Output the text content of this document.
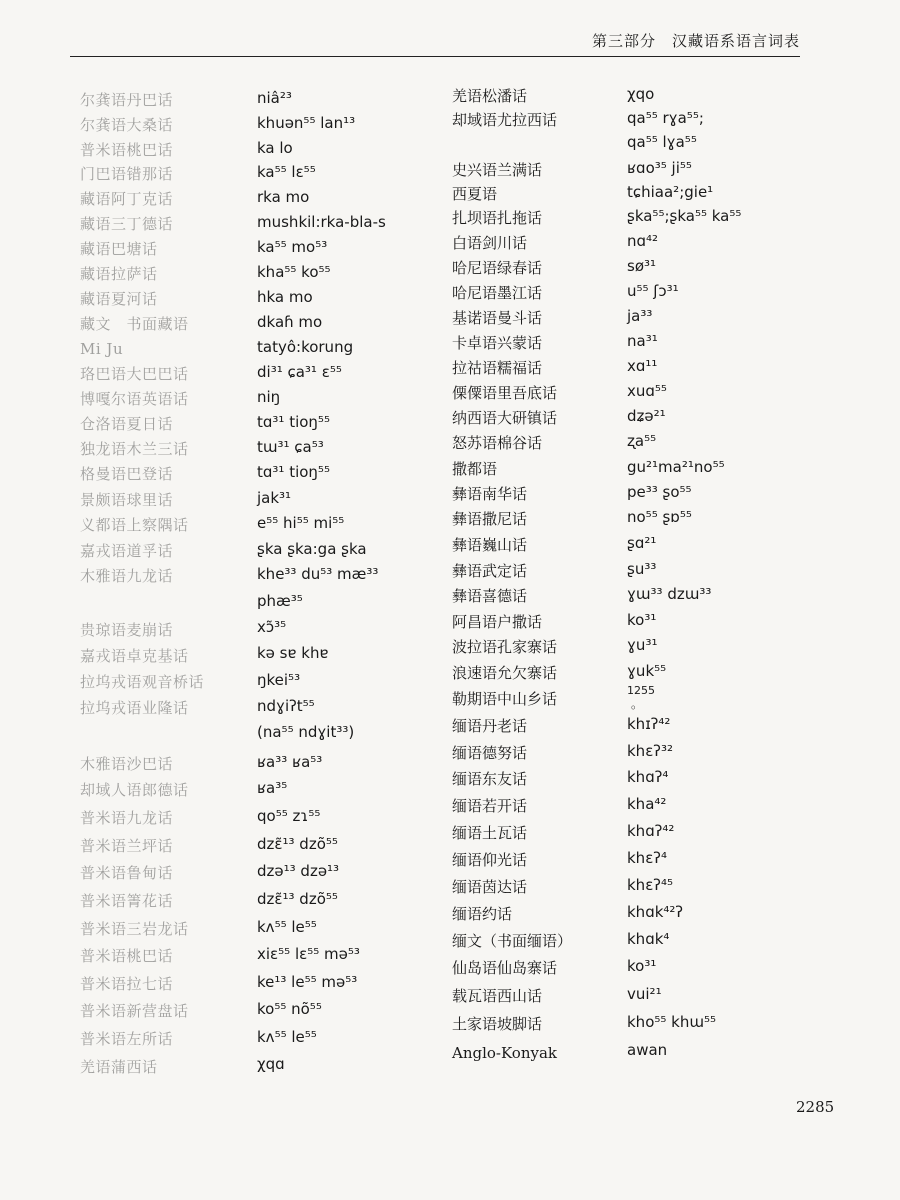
第三部分　汉藏语系语言词表
尔龚语丹巴话
尔龚语大桑话
普米语桃巴话
门巴语错那话
藏语阿丁克话
藏语三丁德话
藏语巴塘话
藏语拉萨话
藏语夏河话
藏文　书面藏语
Mi Ju
珞巴语大巴巴话
博嘎尔语英语话
仓洛语夏日话
独龙语木兰三话
格曼语巴登话
景颇语球里话
义都语上察隅话
嘉戎语道孚话
木雅语九龙话
贵琼语麦崩话
嘉戎语卓克基话
拉坞戎语观音桥话
拉坞戎语业隆话
木雅语沙巴话
却域人语郎德话
普米语九龙话
普米语兰坪话
普米语鲁甸话
普米语箐花话
普米语三岩龙话
普米语桃巴话
普米语拉七话
普米语新营盘话
普米语左所话
羌语蒲西话
niâ²³
khuən⁵⁵ lan¹³
ka lo
ka⁵⁵ lɛ⁵⁵
rka mo
mushkil:rka-bla-s
ka⁵⁵ mo⁵³
kha⁵⁵ ko⁵⁵
hka mo
dkaɦ mo
tatyô:korung
di³¹ ɕa³¹ ɛ⁵⁵
niŋ
tɑ³¹ tioŋ⁵⁵
tɯ³¹ ɕa⁵³
tɑ³¹ tioŋ⁵⁵
jak³¹
e⁵⁵ hi⁵⁵ mi⁵⁵
ʂka ʂka:ga ʂka
khe³³ du⁵³ mæ³³
phæ³⁵
xɔ̃³⁵
kə sɐ khɐ
ŋkei⁵³
ndɣiʔt⁵⁵
(na⁵⁵ ndɣit³³)
ʁa³³ ʁa⁵³
ʁa³⁵
qo⁵⁵ zɿ⁵⁵
dzɛ̃¹³ dzõ⁵⁵
dzə¹³ dzə¹³
dzɛ̃¹³ dzõ⁵⁵
kʌ⁵⁵ le⁵⁵
xiɛ⁵⁵ lɛ⁵⁵ mə⁵³
ke¹³ le⁵⁵ mə⁵³
ko⁵⁵ nõ⁵⁵
kʌ⁵⁵ le⁵⁵
χqɑ
羌语松潘话
却域语尤拉西话
史兴语兰满话
西夏语
扎坝语扎拖话
白语剑川话
哈尼语绿春话
哈尼语墨江话
基诺语曼斗话
卡卓语兴蒙话
拉祜语糯福话
傈僳语里吾底话
纳西语大研镇话
怒苏语棉谷话
撒都语
彝语南华话
彝语撒尼话
彝语巍山话
彝语武定话
彝语喜德话
阿昌语户撒话
波拉语孔家寨话
浪速语允欠寨话
勒期语中山乡话
缅语丹老话
缅语德努话
缅语东友话
缅语若开话
缅语土瓦话
缅语仰光话
缅语茵达话
缅语约话
缅文（书面缅语）
仙岛语仙岛寨话
载瓦语西山话
土家语坡脚话
Anglo-Konyak
χqo
qa⁵⁵ rɣa⁵⁵;
qa⁵⁵ lɣa⁵⁵
ʁɑo³⁵ ji⁵⁵
tɕhiaa²;gie¹
ʂka⁵⁵;ʂka⁵⁵ ka⁵⁵
nɑ⁴²
sø³¹
u⁵⁵ ʃɔ³¹
ja³³
na³¹
xɑ¹¹
xuɑ⁵⁵
dʑə²¹
ʐa⁵⁵
gu²¹ma²¹no⁵⁵
pe³³ ʂo⁵⁵
no⁵⁵ ʂɒ⁵⁵
ʂɑ²¹
ʂu³³
ɣɯ³³ dzɯ³³
ko³¹
ɣu³¹
ɣuk⁵⁵
1255
。
khɪʔ⁴²
khɛʔ³²
khɑʔ⁴
kha⁴²
khɑʔ⁴²
khɛʔ⁴
khɛʔ⁴⁵
khɑk⁴²ʔ
khɑk⁴
ko³¹
vui²¹
kho⁵⁵ khɯ⁵⁵
awan
2285
